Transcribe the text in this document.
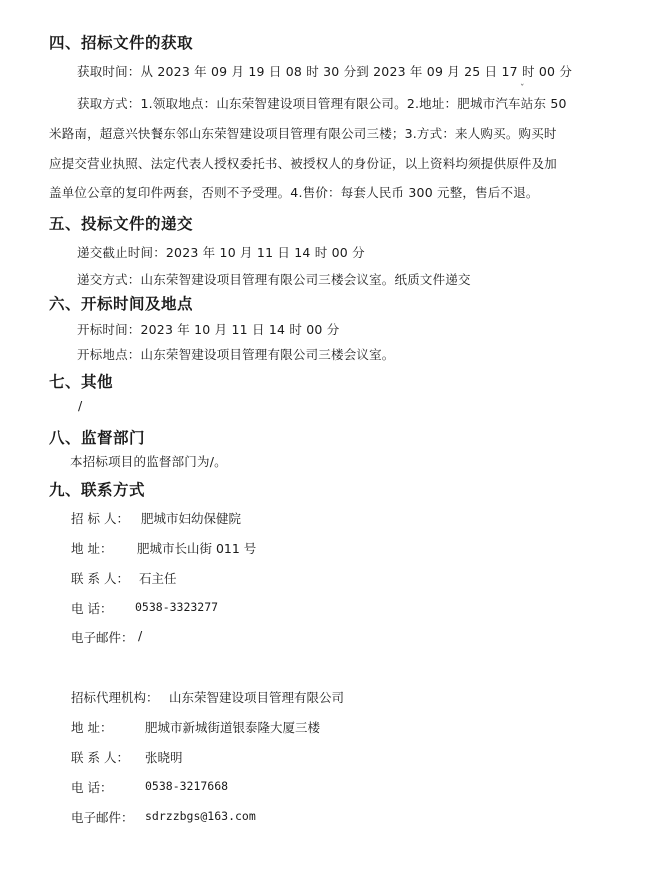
四、招标文件的获取
获取时间：从 2023 年 09 月 19 日 08 时 30 分到 2023 年 09 月 25 日 17 时 00 分
获取方式：1.领取地点：山东荣智建设项目管理有限公司。2.地址：肥城市汽车站东 50
ˇ
米路南，超意兴快餐东邻山东荣智建设项目管理有限公司三楼；3.方式：来人购买。购买时
应提交营业执照、法定代表人授权委托书、被授权人的身份证，以上资料均须提供原件及加
盖单位公章的复印件两套，否则不予受理。4.售价：每套人民币 300 元整，售后不退。
五、投标文件的递交
递交截止时间：2023 年 10 月 11 日 14 时 00 分
递交方式：山东荣智建设项目管理有限公司三楼会议室。纸质文件递交
六、开标时间及地点
开标时间：2023 年 10 月 11 日 14 时 00 分
开标地点：山东荣智建设项目管理有限公司三楼会议室。
七、其他
/
八、监督部门
本招标项目的监督部门为/。
九、联系方式
招 标 人： 肥城市妇幼保健院
地 址： 肥城市长山街 011 号
联 系 人： 石主任
电 话： 0538-3323277
电子邮件： /
招标代理机构： 山东荣智建设项目管理有限公司
地 址：	肥城市新城街道银泰隆大厦三楼
联 系 人： 张晓明
电 话：	0538-3217668
电子邮件： sdrzzbgs@163.com
